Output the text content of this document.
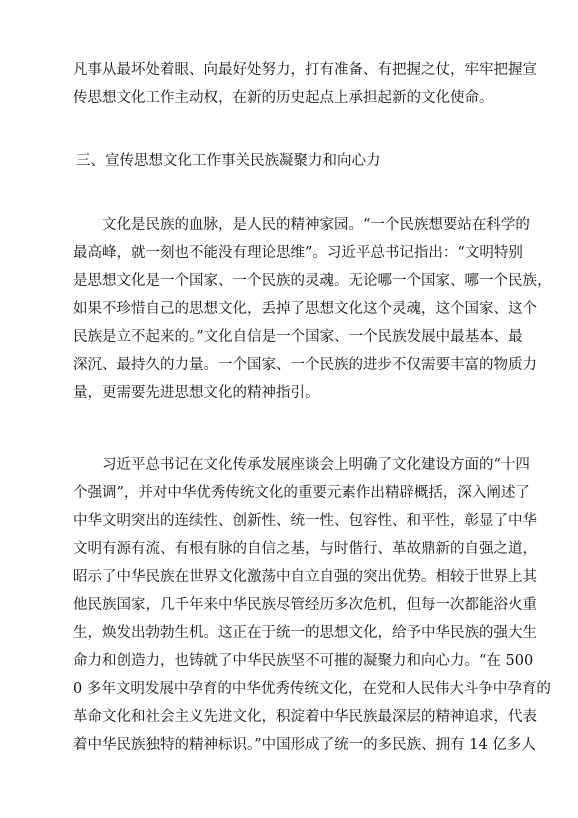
凡事从最坏处着眼、向最好处努力，打有准备、有把握之仗，牢牢把握宣
传思想文化工作主动权，在新的历史起点上承担起新的文化使命。
三、宣传思想文化工作事关民族凝聚力和向心力
　　文化是民族的血脉，是人民的精神家园。“一个民族想要站在科学的
最高峰，就一刻也不能没有理论思维”。习近平总书记指出：“文明特别
是思想文化是一个国家、一个民族的灵魂。无论哪一个国家、哪一个民族，
如果不珍惜自己的思想文化，丢掉了思想文化这个灵魂，这个国家、这个
民族是立不起来的。”文化自信是一个国家、一个民族发展中最基本、最
深沉、最持久的力量。一个国家、一个民族的进步不仅需要丰富的物质力
量，更需要先进思想文化的精神指引。
　　习近平总书记在文化传承发展座谈会上明确了文化建设方面的“十四
个强调”，并对中华优秀传统文化的重要元素作出精辟概括，深入阐述了
中华文明突出的连续性、创新性、统一性、包容性、和平性，彰显了中华
文明有源有流、有根有脉的自信之基，与时偕行、革故鼎新的自强之道，
昭示了中华民族在世界文化激荡中自立自强的突出优势。相较于世界上其
他民族国家，几千年来中华民族尽管经历多次危机，但每一次都能浴火重
生，焕发出勃勃生机。这正在于统一的思想文化，给予中华民族的强大生
命力和创造力，也铸就了中华民族坚不可摧的凝聚力和向心力。“在 500
0 多年文明发展中孕育的中华优秀传统文化，在党和人民伟大斗争中孕育的
革命文化和社会主义先进文化，积淀着中华民族最深层的精神追求，代表
着中华民族独特的精神标识。”中国形成了统一的多民族、拥有 14 亿多人
